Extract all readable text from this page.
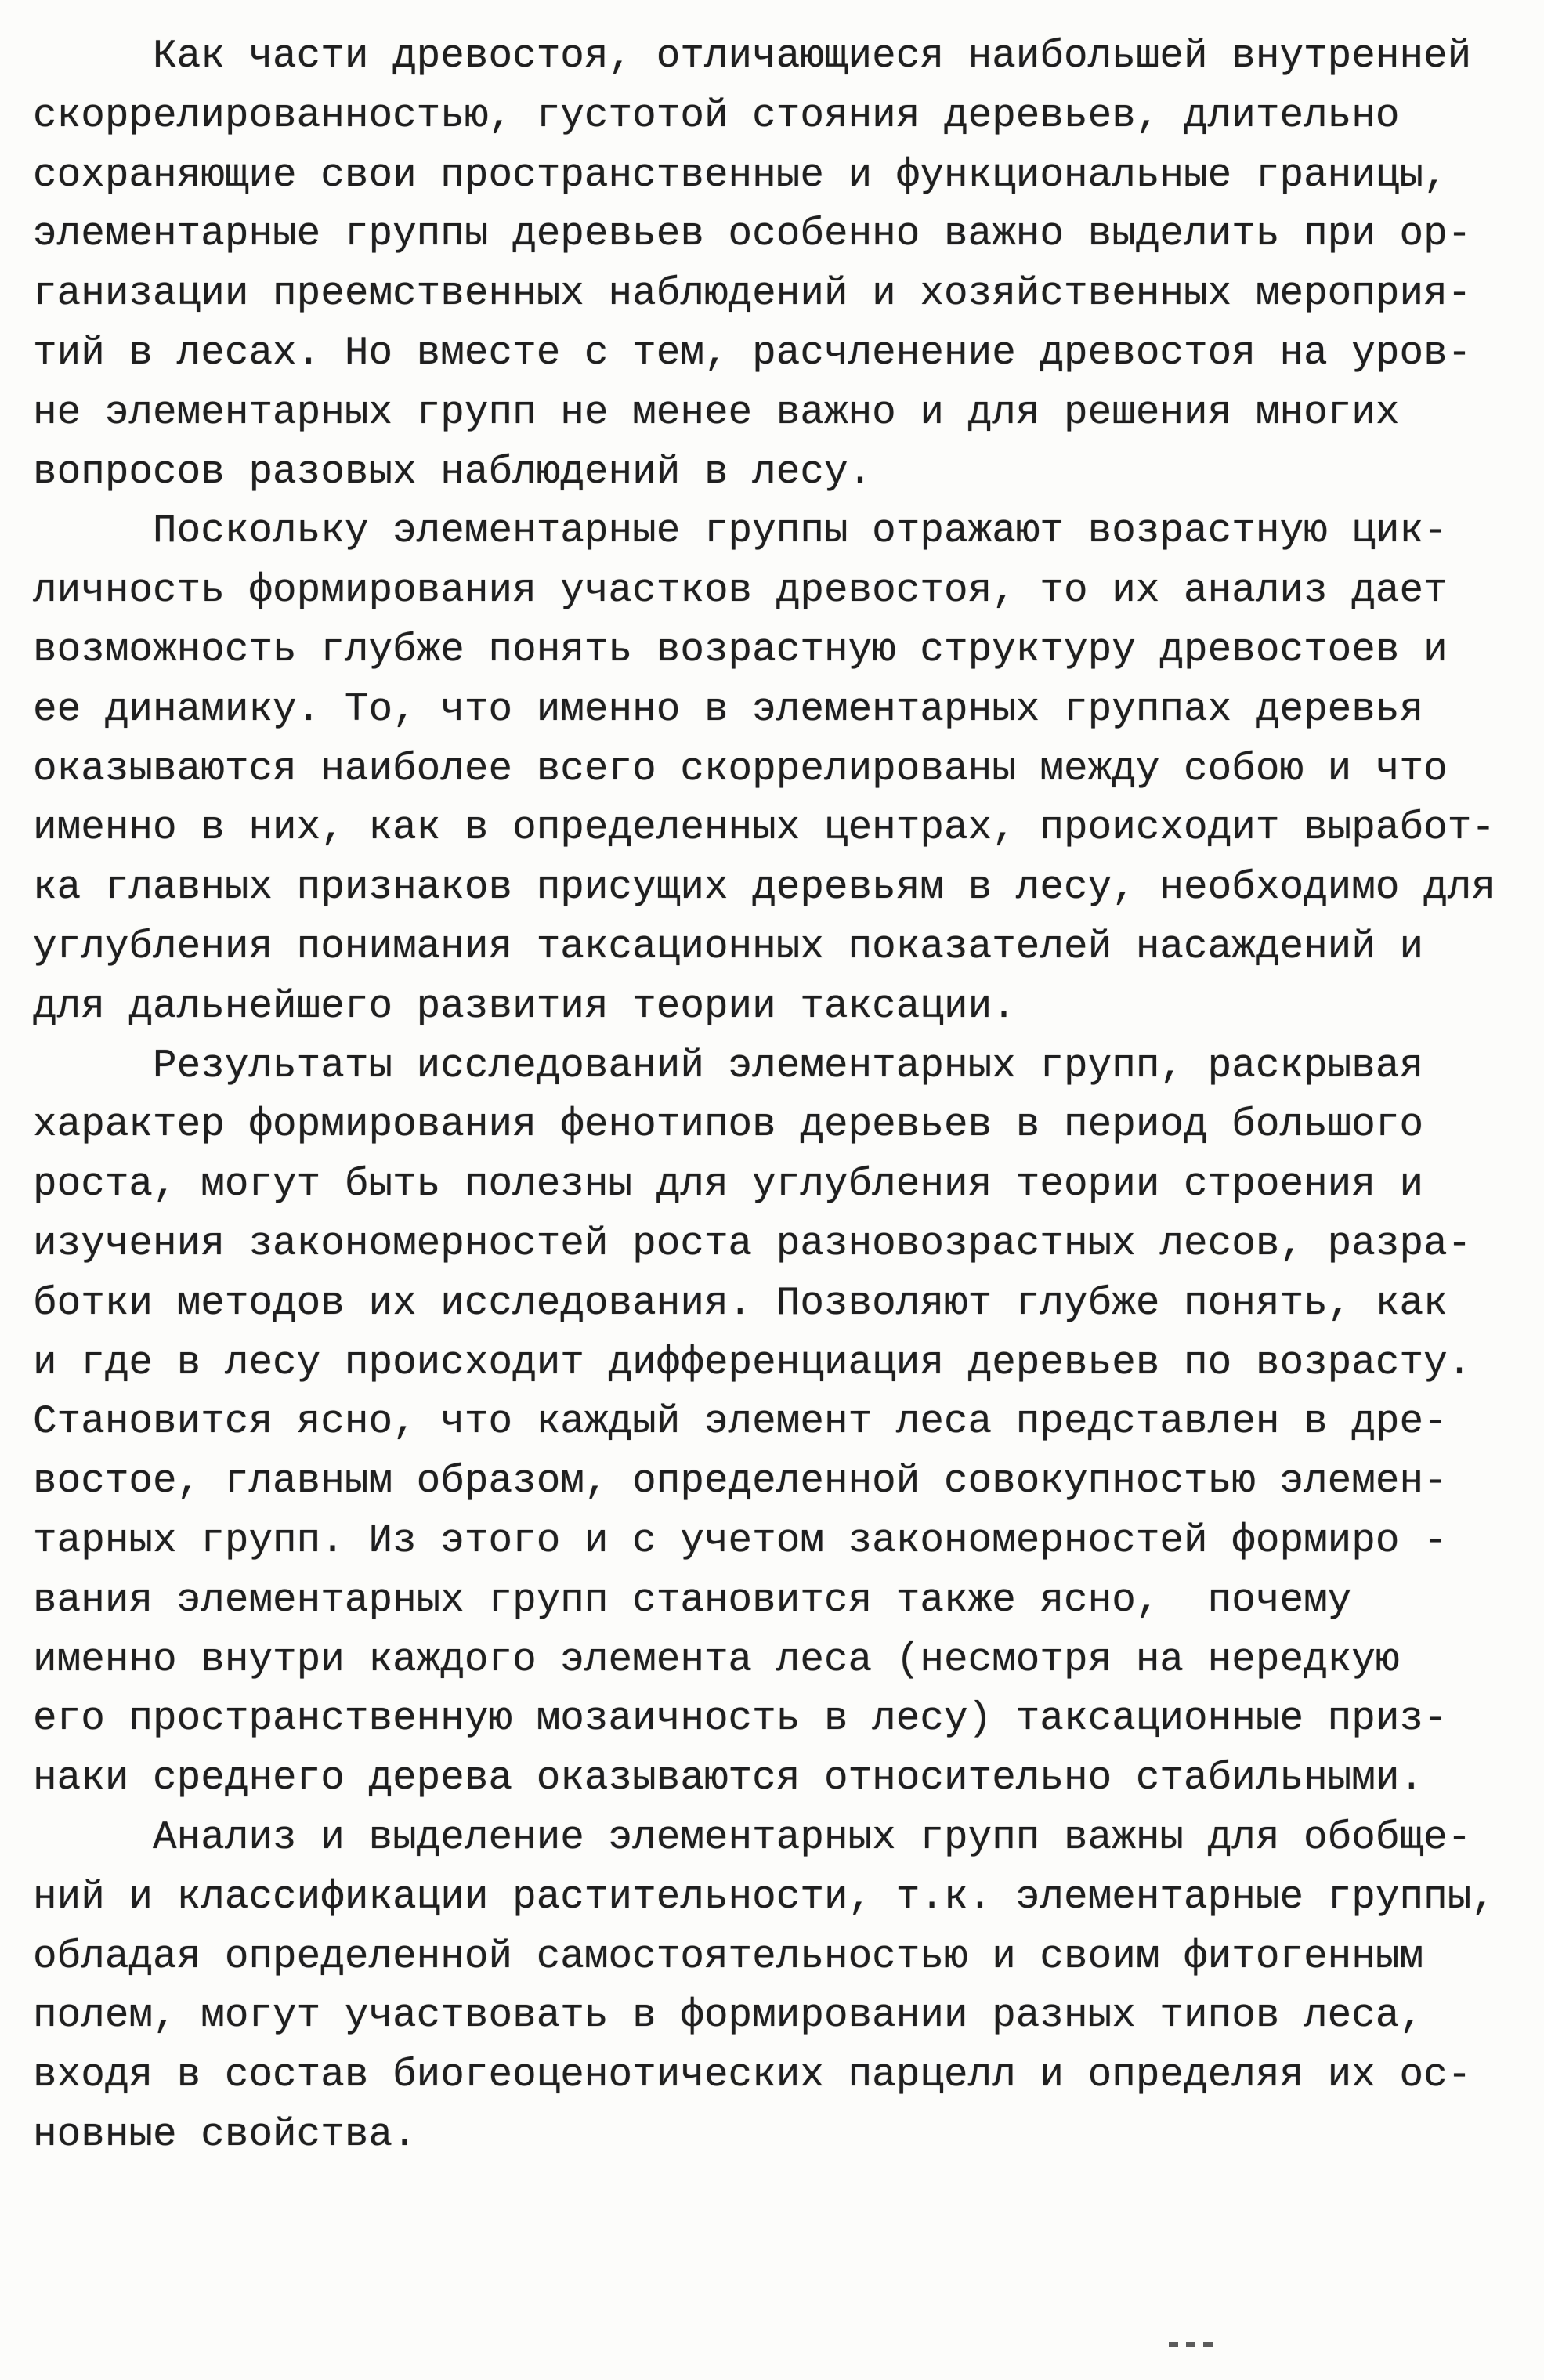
Как части древостоя, отличающиеся наибольшей внутренней
скоррелированностью, густотой стояния деревьев, длительно
сохраняющие свои пространственные и функциональные границы,
элементарные группы деревьев особенно важно выделить при ор-
ганизации преемственных наблюдений и хозяйственных мероприя-
тий в лесах. Но вместе с тем, расчленение древостоя на уров-
не элементарных групп не менее важно и для решения многих
вопросов разовых наблюдений в лесу.
Поскольку элементарные группы отражают возрастную цик-
личность формирования участков древостоя, то их анализ дает
возможность глубже понять возрастную структуру древостоев и
ее динамику. То, что именно в элементарных группах деревья
оказываются наиболее всего скоррелированы между собою и что
именно в них, как в определенных центрах, происходит выработ-
ка главных признаков присущих деревьям в лесу, необходимо для
углубления понимания таксационных показателей насаждений и
для дальнейшего развития теории таксации.
Результаты исследований элементарных групп, раскрывая
характер формирования фенотипов деревьев в период большого
роста, могут быть полезны для углубления теории строения и
изучения закономерностей роста разновозрастных лесов, разра-
ботки методов их исследования. Позволяют глубже понять, как
и где в лесу происходит дифференциация деревьев по возрасту.
Становится ясно, что каждый элемент леса представлен в дре-
востое, главным образом, определенной совокупностью элемен-
тарных групп. Из этого и с учетом закономерностей формиро -
вания элементарных групп становится также ясно,  почему
именно внутри каждого элемента леса (несмотря на нередкую
его пространственную мозаичность в лесу) таксационные приз-
наки среднего дерева оказываются относительно стабильными.
Анализ и выделение элементарных групп важны для обобще-
ний и классификации растительности, т.к. элементарные группы,
обладая определенной самостоятельностью и своим фитогенным
полем, могут участвовать в формировании разных типов леса,
входя в состав биогеоценотических парцелл и определяя их ос-
новные свойства.
